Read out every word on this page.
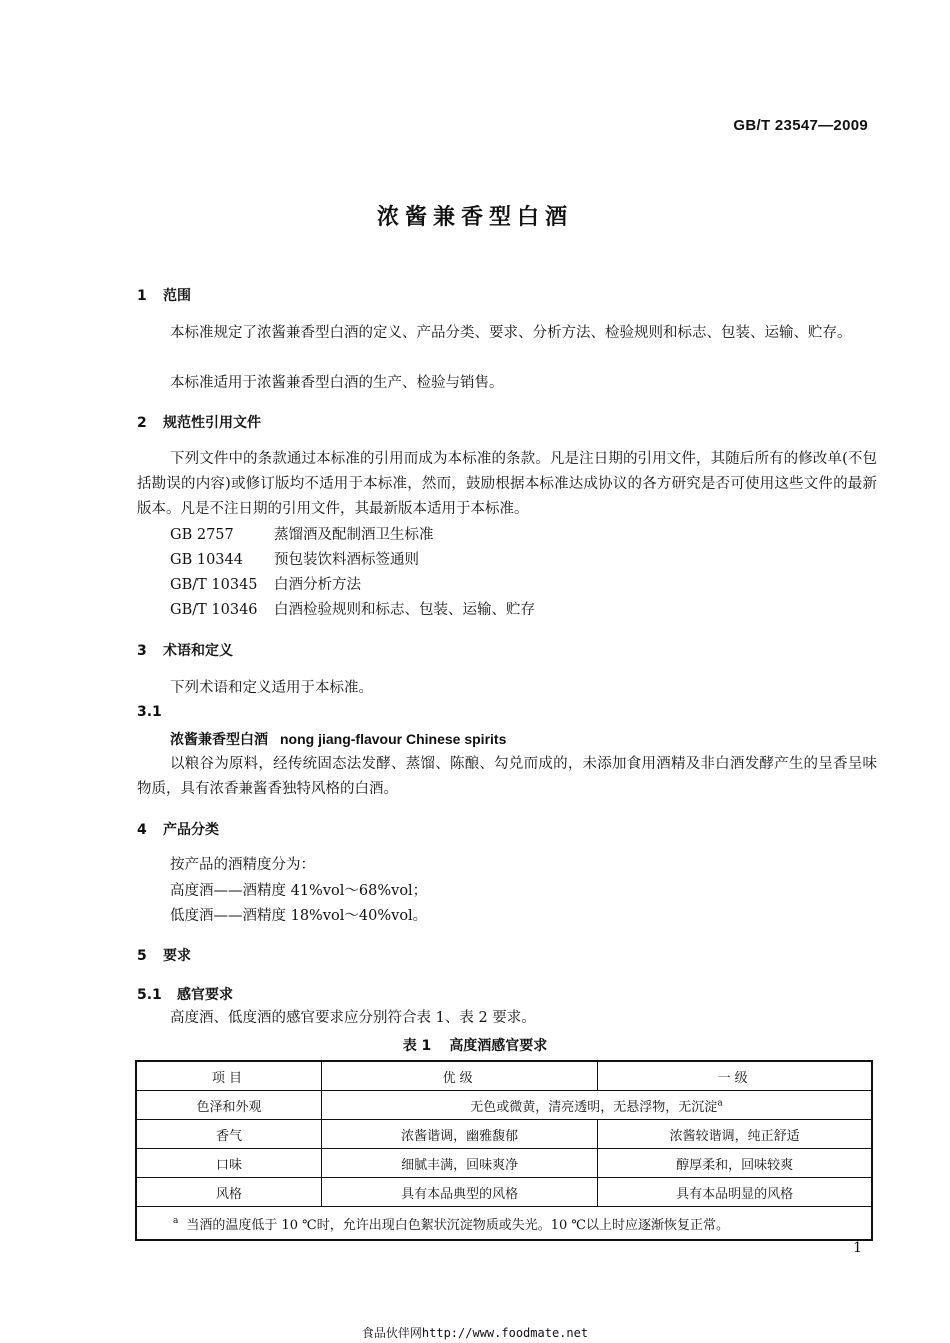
GB/T 23547—2009
浓酱兼香型白酒
1 范围
本标准规定了浓酱兼香型白酒的定义、产品分类、要求、分析方法、检验规则和标志、包装、运输、贮存。
本标准适用于浓酱兼香型白酒的生产、检验与销售。
2 规范性引用文件
下列文件中的条款通过本标准的引用而成为本标准的条款。凡是注日期的引用文件，其随后所有的修改单(不包括勘误的内容)或修订版均不适用于本标准，然而，鼓励根据本标准达成协议的各方研究是否可使用这些文件的最新版本。凡是不注日期的引用文件，其最新版本适用于本标准。
GB 2757	蒸馏酒及配制酒卫生标准
GB 10344 预包装饮料酒标签通则
GB/T 10345 白酒分析方法
GB/T 10346 白酒检验规则和标志、包装、运输、贮存
3 术语和定义
下列术语和定义适用于本标准。
3.1
浓酱兼香型白酒 nong jiang-flavour Chinese spirits
以粮谷为原料，经传统固态法发酵、蒸馏、陈酿、勾兑而成的，未添加食用酒精及非白酒发酵产生的呈香呈味物质，具有浓香兼酱香独特风格的白酒。
4 产品分类
按产品的酒精度分为：
高度酒——酒精度 41%vol～68%vol；
低度酒——酒精度 18%vol～40%vol。
5 要求
5.1 感官要求
高度酒、低度酒的感官要求应分别符合表 1、表 2 要求。
表 1 高度酒感官要求
项目	优级	一级
色泽和外观	无色或微黄，清亮透明，无悬浮物，无沉淀$^a$
香气	浓酱谐调，幽雅馥郁	浓酱较谐调，纯正舒适
口味	细腻丰满，回味爽净	醇厚柔和，回味较爽
风格	具有本品典型的风格	具有本品明显的风格
$^a$ 当酒的温度低于 10 ℃时，允许出现白色絮状沉淀物质或失光。10 ℃以上时应逐渐恢复正常。		
1
食品伙伴网http://www.foodmate.net
